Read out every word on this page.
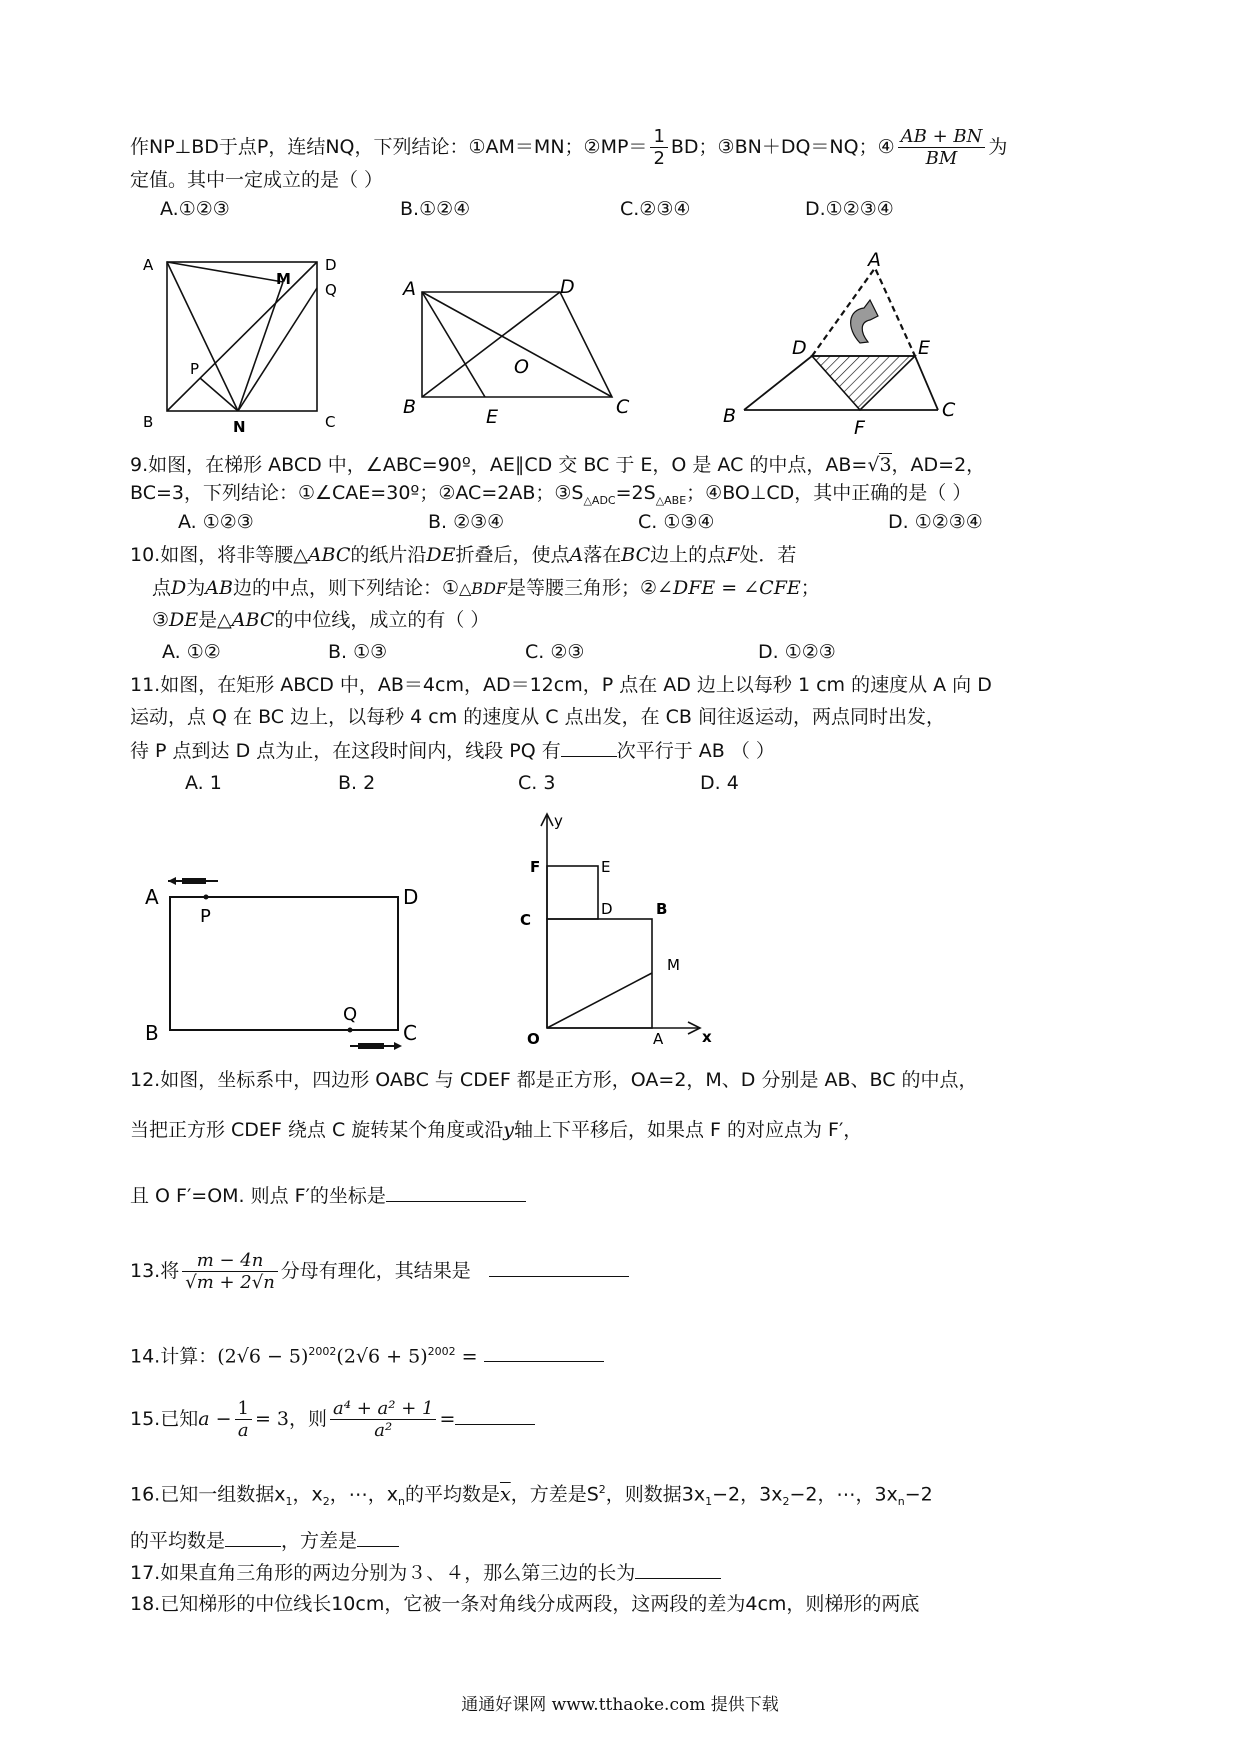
作NP⊥BD于点P，连结NQ，下列结论：①AM＝MN；②MP＝ $\frac{1}{2}$ BD；③BN＋DQ＝NQ；④ $\frac{AB + BN}{BM}$ 为
定值。其中一定成立的是（ ）
A.①②③	B.①②④	C.②③④	D.①②③④
A	D
M
Q
P
B	N	C
A	D
O
B	E	C
A
D	E
B	C
F
9.如图，在梯形 ABCD 中，∠ABC=90º，AE∥CD 交 BC 于 E，O 是 AC 的中点，AB=√3，AD=2，
BC=3，下列结论：①∠CAE=30º；②AC=2AB；$③S_{\triangle ADC}=2S_{\triangle ABE}$；④BO⊥CD，其中正确的是（ ）
A. ①②③	B. ②③④	C. ①③④	D. ①②③④
10.如图，将非等腰△ABC的纸片沿DE折叠后，使点A落在BC边上的点F处．若
点D为AB边的中点，则下列结论：①△BDF是等腰三角形；②∠DFE = ∠CFE；
③DE是△ABC的中位线，成立的有（ ）
A. ①②	B. ①③	C. ②③	D. ①②③
11.如图，在矩形 ABCD 中，AB＝4cm，AD＝12cm，P 点在 AD 边上以每秒 1 cm 的速度从 A 向 D
运动，点 Q 在 BC 边上，以每秒 4 cm 的速度从 C 点出发，在 CB 间往返运动，两点同时出发，
待 P 点到达 D 点为止，在这段时间内，线段 PQ 有	次平行于 AB （ ）
A. 1	B. 2	C. 3	D. 4
A
P
D
B
Q
C
y
F	E
D	B
C
M
O	A	x
12.如图，坐标系中，四边形 OABC 与 CDEF 都是正方形，OA=2，M、D 分别是 AB、BC 的中点，
当把正方形 CDEF 绕点 C 旋转某个角度或沿y轴上下平移后，如果点 F 的对应点为 F′，
且 O F′=OM. 则点 F′的坐标是
13.将 $\frac{m - 4n}{√m + 2√n}$ 分母有理化，其结果是
14.计算：$(2√6 - 5)^{2002}(2√6 + 5)^{2002}$ =
15.已知$a - \frac{1}{a} = 3$，则 $\frac{\text{a⁴ + a² + 1}}{\text{a²}}$ =
16.已知一组数据$x_1$，$x_2$，⋯，$x_n$的平均数是$\overline{x}$，方差是$S^2$，则数据$3x_1-2$，$3x_2-2$，⋯，$3x_n-2$
的平均数是	，方差是
17.如果直角三角形的两边分别为３、４，那么第三边的长为
18.已知梯形的中位线长10cm，它被一条对角线分成两段，这两段的差为4cm，则梯形的两底
通通好课网 www.tthaoke.com 提供下载
